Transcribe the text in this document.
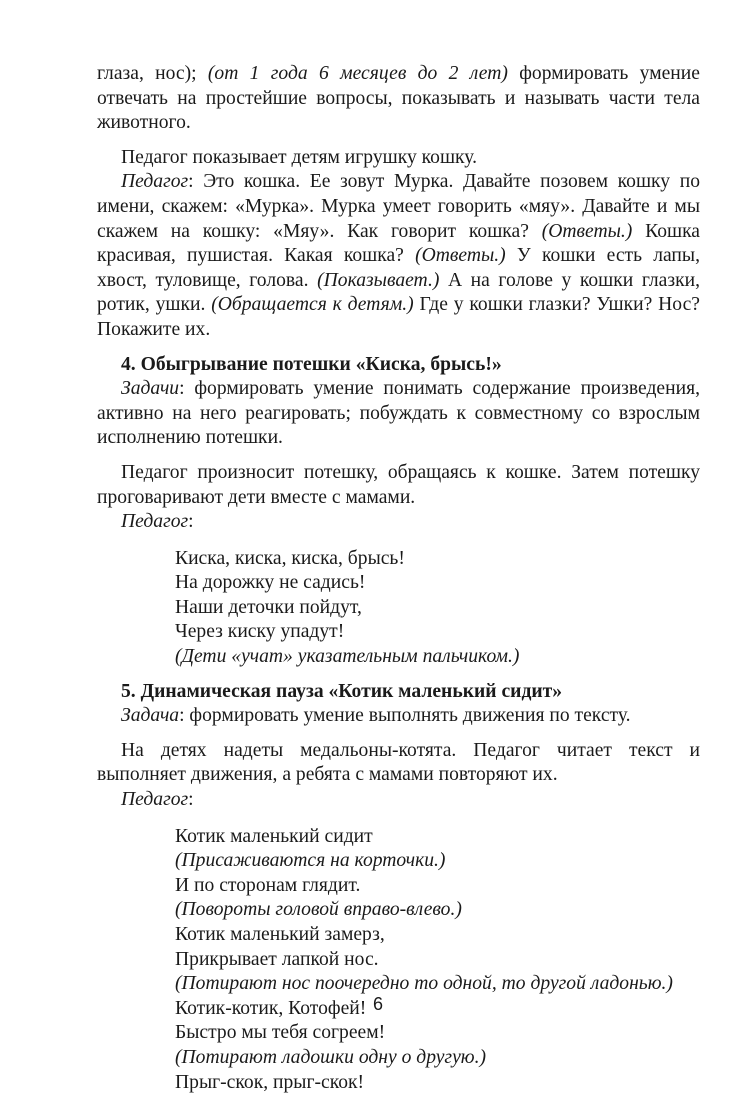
глаза, нос); (от 1 года 6 месяцев до 2 лет) формировать умение отвечать на простейшие вопросы, показывать и называть части тела животного.

Педагог показывает детям игрушку кошку.

Педагог: Это кошка. Ее зовут Мурка. Давайте позовем кошку по имени, скажем: «Мурка». Мурка умеет говорить «мяу». Давайте и мы скажем на кошку: «Мяу». Как говорит кошка? (Ответы.) Кошка красивая, пушистая. Какая кошка? (Ответы.) У кошки есть лапы, хвост, туловище, голова. (Показывает.) А на голове у кошки глазки, ротик, ушки. (Обращается к детям.) Где у кошки глазки? Ушки? Нос? Покажите их.

4. Обыгрывание потешки «Киска, брысь!»

Задачи: формировать умение понимать содержание произведения, активно на него реагировать; побуждать к совместному со взрослым исполнению потешки.

Педагог произносит потешку, обращаясь к кошке. Затем потешку проговаривают дети вместе с мамами.

Педагог:

Киска, киска, киска, брысь!
На дорожку не садись!
Наши деточки пойдут,
Через киску упадут!
(Дети «учат» указательным пальчиком.)
5. Динамическая пауза «Котик маленький сидит»

Задача: формировать умение выполнять движения по тексту.

На детях надеты медальоны-котята. Педагог читает текст и выполняет движения, а ребята с мамами повторяют их.

Педагог:

Котик маленький сидит
(Присаживаются на корточки.)
И по сторонам глядит.
(Повороты головой вправо-влево.)
Котик маленький замерз,
Прикрывает лапкой нос.
(Потирают нос поочередно то одной, то другой ладонью.)
Котик-котик, Котофей!
Быстро мы тебя согреем!
(Потирают ладошки одну о другую.)
Прыг-скок, прыг-скок!
6
